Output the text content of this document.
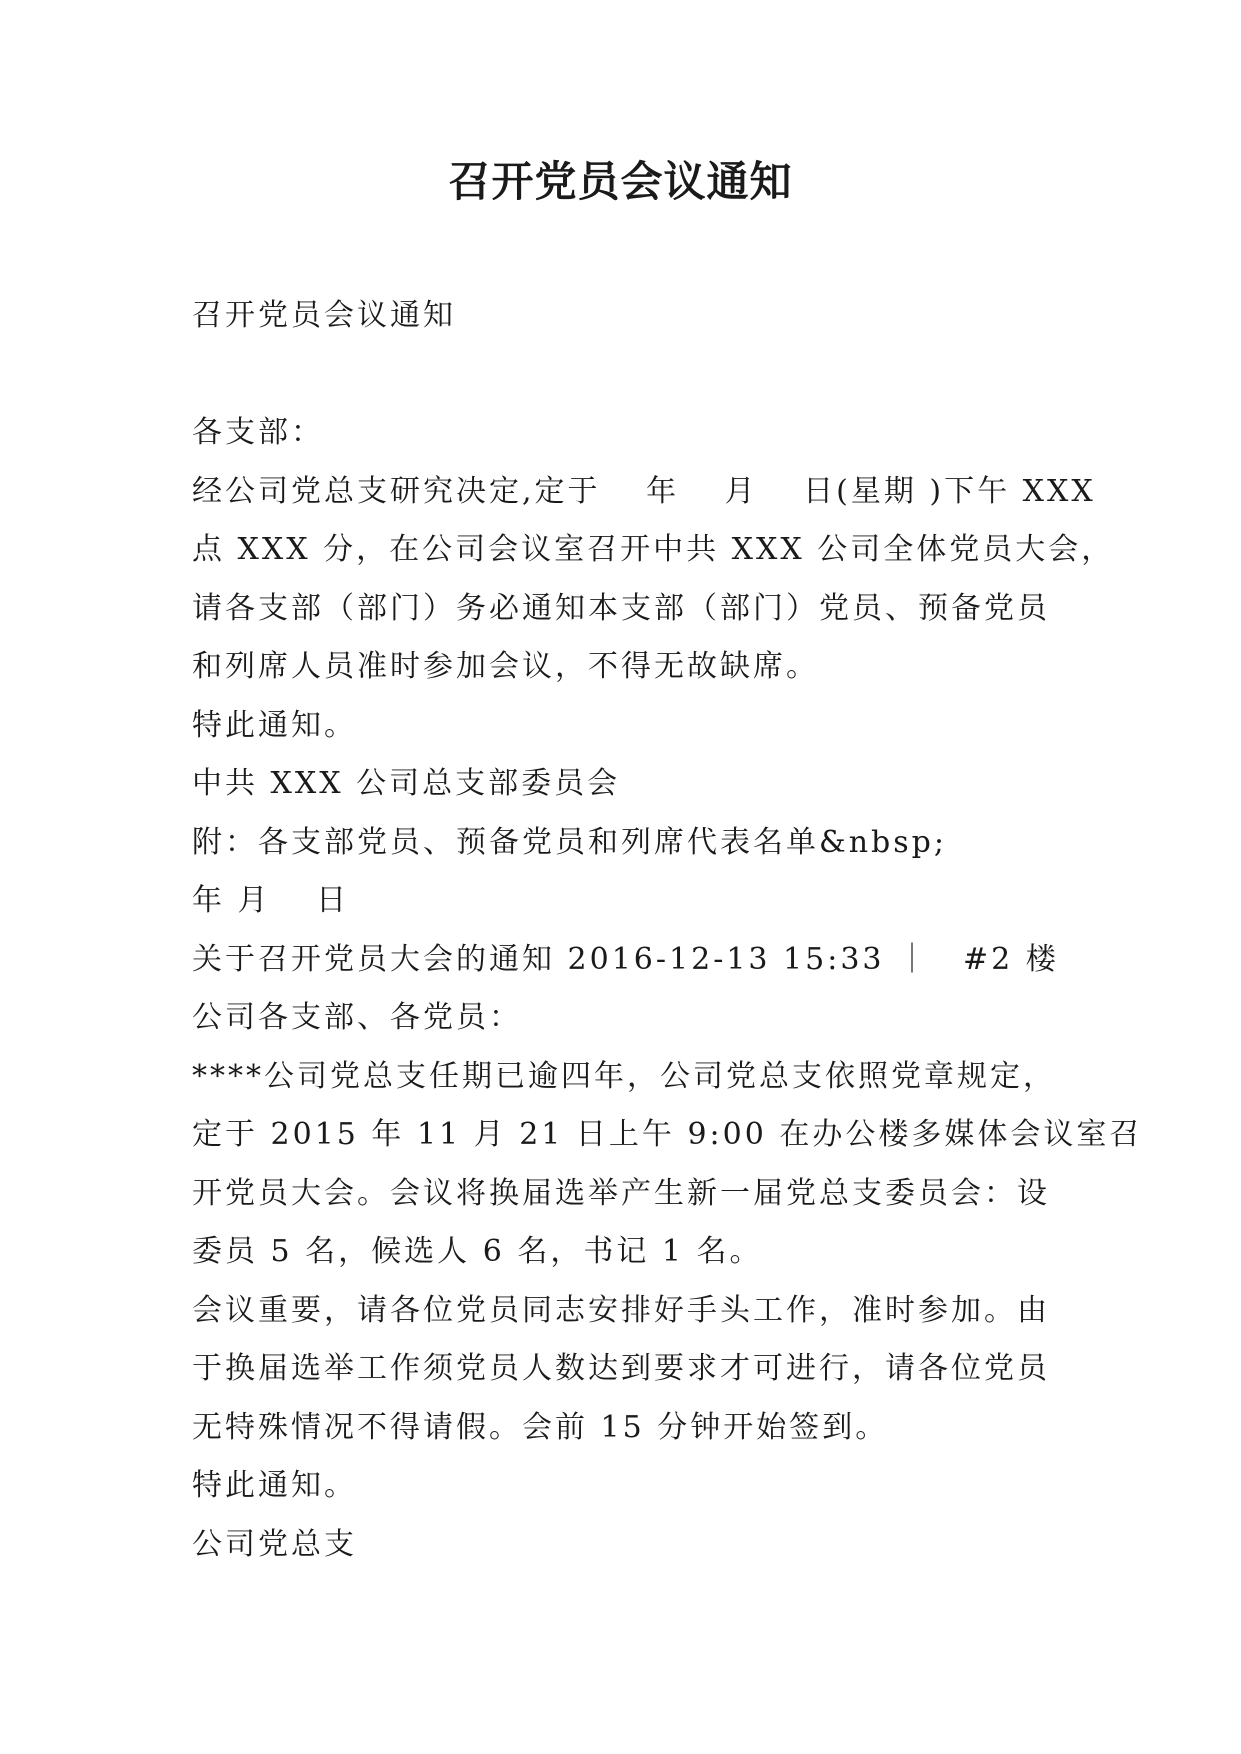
召开党员会议通知
召开党员会议通知
各支部：
经公司党总支研究决定,定于　 年　 月　 日(星期 )下午 XXX
点 XXX 分，在公司会议室召开中共 XXX 公司全体党员大会，
请各支部（部门）务必通知本支部（部门）党员、预备党员
和列席人员准时参加会议，不得无故缺席。
特此通知。
中共 XXX 公司总支部委员会
附：各支部党员、预备党员和列席代表名单&nbsp;
年 月　 日
关于召开党员大会的通知 2016-12-13 15:33 ｜　#2 楼
公司各支部、各党员：
****公司党总支任期已逾四年，公司党总支依照党章规定，
定于 2015 年 11 月 21 日上午 9:00 在办公楼多媒体会议室召
开党员大会。会议将换届选举产生新一届党总支委员会：设
委员 5 名，候选人 6 名，书记 1 名。
会议重要，请各位党员同志安排好手头工作，准时参加。由
于换届选举工作须党员人数达到要求才可进行，请各位党员
无特殊情况不得请假。会前 15 分钟开始签到。
特此通知。
公司党总支
